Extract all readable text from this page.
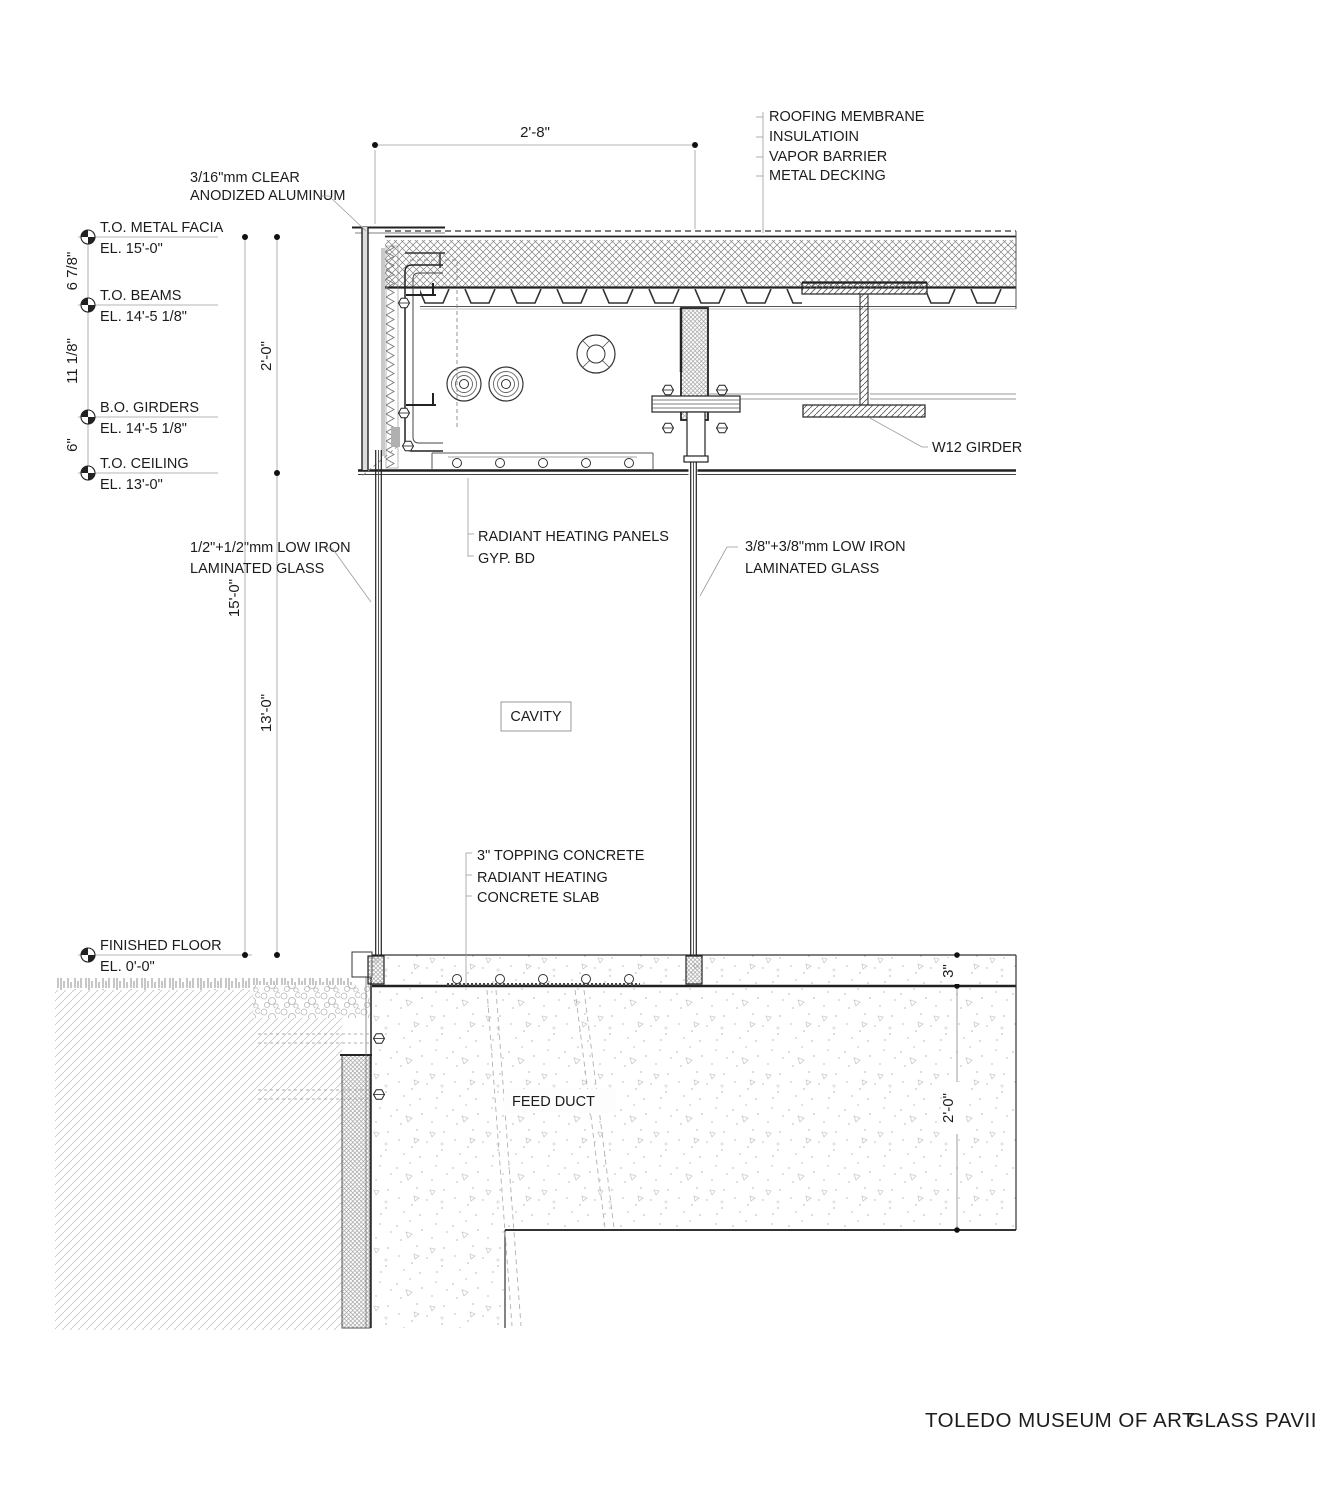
2'-8"
ROOFING MEMBRANE
INSULATIOIN
VAPOR BARRIER
METAL DECKING
3/16"mm CLEAR
ANODIZED ALUMINUM
T.O. METAL FACIA
EL. 15'-0"
T.O. BEAMS
EL. 14'-5 1/8"
B.O. GIRDERS
EL. 14'-5 1/8"
T.O. CEILING
EL. 13'-0"
FINISHED FLOOR
EL. 0'-0"
6 7/8"
11 1/8"
6"
15'-0"
2'-0"
13'-0"
3"
2'-0"
RADIANT HEATING PANELS
GYP. BD
1/2"+1/2"mm LOW IRON
LAMINATED GLASS
3/8"+3/8"mm LOW IRON
LAMINATED GLASS
W12 GIRDER
CAVITY
3" TOPPING CONCRETE
RADIANT HEATING
CONCRETE SLAB
FEED DUCT
TOLEDO MUSEUM OF ART
GLASS PAVII
